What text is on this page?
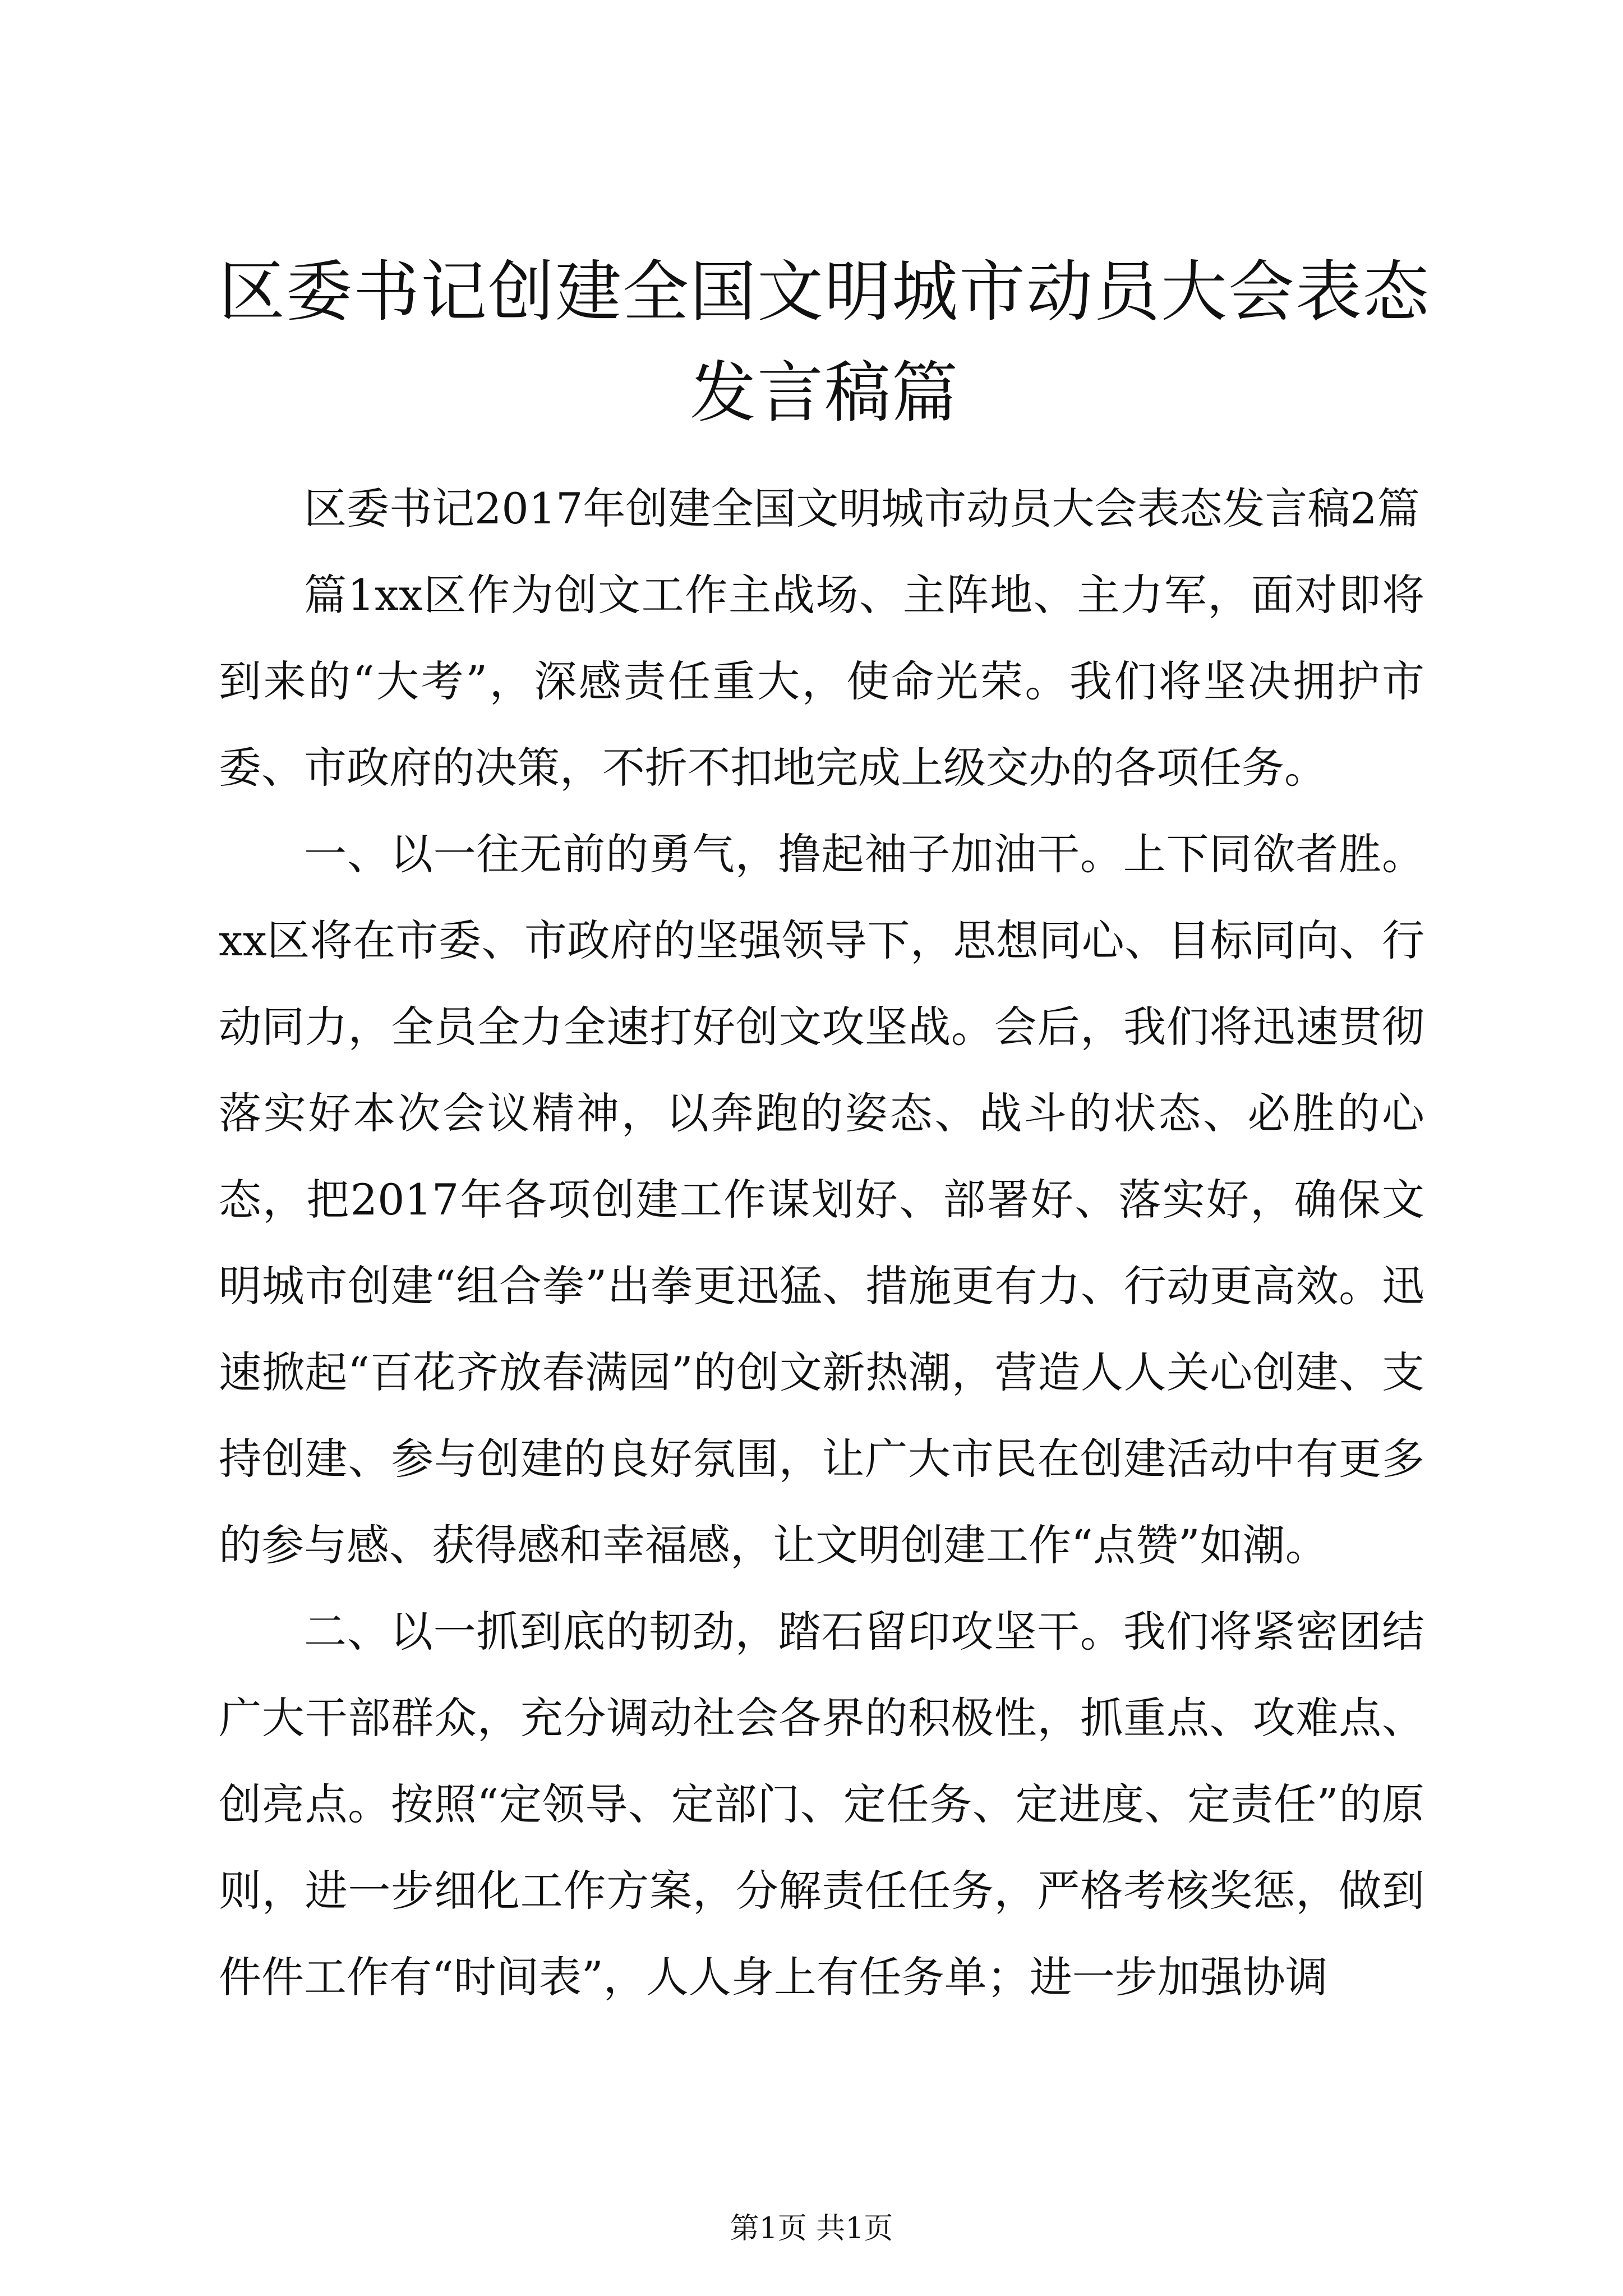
区委书记创建全国文明城市动员大会表态发言稿篇

区委书记2017年创建全国文明城市动员大会表态发言稿2篇

篇1xx区作为创文工作主战场、主阵地、主力军，面对即将到来的“大考”，深感责任重大，使命光荣。我们将坚决拥护市委、市政府的决策，不折不扣地完成上级交办的各项任务。

一、以一往无前的勇气，撸起袖子加油干。上下同欲者胜。xx区将在市委、市政府的坚强领导下，思想同心、目标同向、行动同力，全员全力全速打好创文攻坚战。会后，我们将迅速贯彻落实好本次会议精神，以奔跑的姿态、战斗的状态、必胜的心态，把2017年各项创建工作谋划好、部署好、落实好，确保文明城市创建“组合拳”出拳更迅猛、措施更有力、行动更高效。迅速掀起“百花齐放春满园”的创文新热潮，营造人人关心创建、支持创建、参与创建的良好氛围，让广大市民在创建活动中有更多的参与感、获得感和幸福感，让文明创建工作“点赞”如潮。

二、以一抓到底的韧劲，踏石留印攻坚干。我们将紧密团结广大干部群众，充分调动社会各界的积极性，抓重点、攻难点、创亮点。按照“定领导、定部门、定任务、定进度、定责任”的原则，进一步细化工作方案，分解责任任务，严格考核奖惩，做到件件工作有“时间表”，人人身上有任务单；进一步加强协调

第1页 共1页
